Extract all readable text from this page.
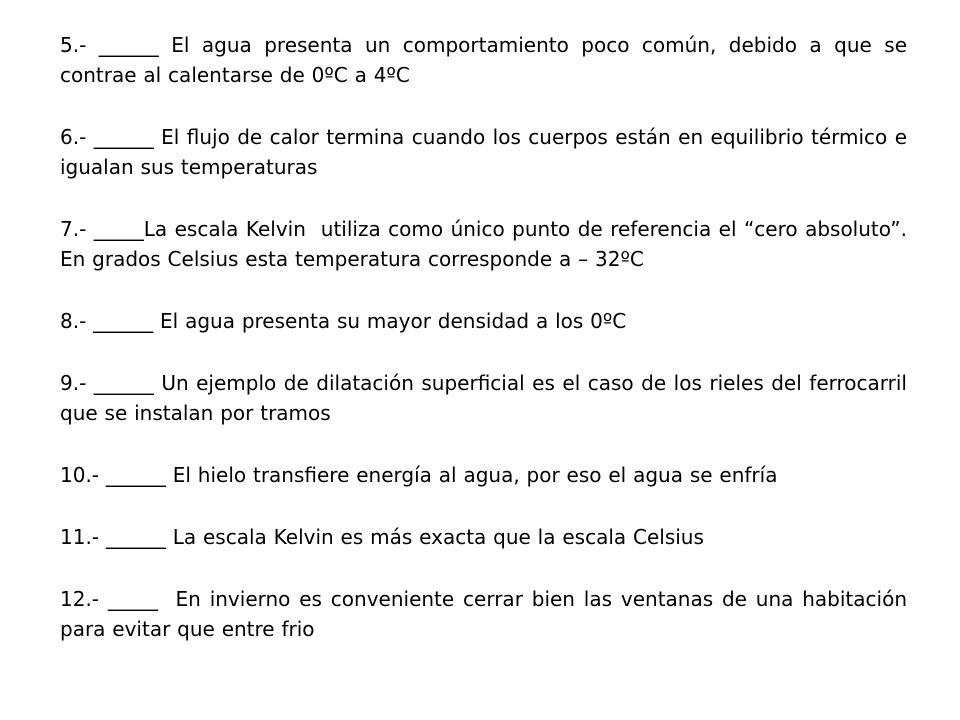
5.- ______ El agua presenta un comportamiento poco común, debido a que se contrae al calentarse de 0ºC a 4ºC

6.- ______ El flujo de calor termina cuando los cuerpos están en equilibrio térmico e igualan sus temperaturas

7.- _____La escala Kelvin  utiliza como único punto de referencia el “cero absoluto”. En grados Celsius esta temperatura corresponde a – 32ºC

8.- ______ El agua presenta su mayor densidad a los 0ºC

9.- ______ Un ejemplo de dilatación superficial es el caso de los rieles del ferrocarril que se instalan por tramos

10.- ______ El hielo transfiere energía al agua, por eso el agua se enfría

11.- ______ La escala Kelvin es más exacta que la escala Celsius

12.- _____  En invierno es conveniente cerrar bien las ventanas de una habitación para evitar que entre frio
